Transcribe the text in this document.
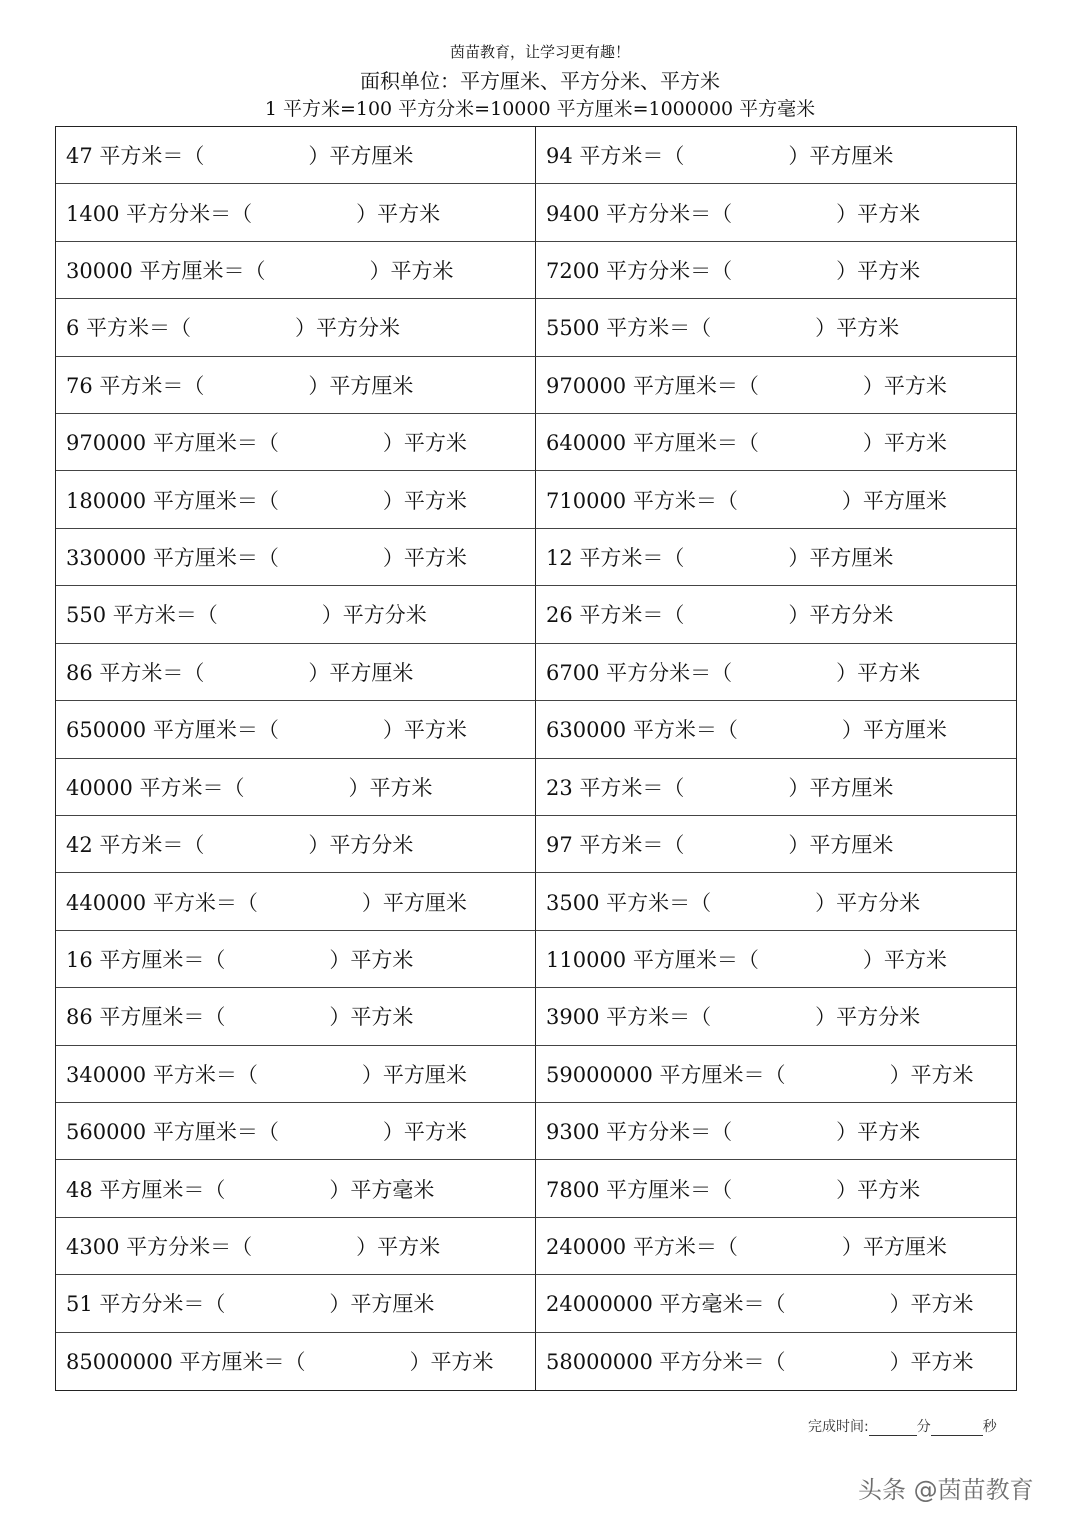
茵苗教育，让学习更有趣！
面积单位：平方厘米、平方分米、平方米
1 平方米=100 平方分米=10000 平方厘米=1000000 平方毫米
47 平方米＝（	）平方厘米	94 平方米＝（	）平方厘米
1400 平方分米＝（	）平方米	9400 平方分米＝（	）平方米
30000 平方厘米＝（	）平方米	7200 平方分米＝（	）平方米
6 平方米＝（	）平方分米	5500 平方米＝（	）平方米
76 平方米＝（	）平方厘米	970000 平方厘米＝（	）平方米
970000 平方厘米＝（	）平方米	640000 平方厘米＝（	）平方米
180000 平方厘米＝（	）平方米	710000 平方米＝（	）平方厘米
330000 平方厘米＝（	）平方米	12 平方米＝（	）平方厘米
550 平方米＝（	）平方分米	26 平方米＝（	）平方分米
86 平方米＝（	）平方厘米	6700 平方分米＝（	）平方米
650000 平方厘米＝（	）平方米	630000 平方米＝（	）平方厘米
40000 平方米＝（	）平方米	23 平方米＝（	）平方厘米
42 平方米＝（	）平方分米	97 平方米＝（	）平方厘米
440000 平方米＝（	）平方厘米	3500 平方米＝（	）平方分米
16 平方厘米＝（	）平方米	110000 平方厘米＝（	）平方米
86 平方厘米＝（	）平方米	3900 平方米＝（	）平方分米
340000 平方米＝（	）平方厘米	59000000 平方厘米＝（	）平方米
560000 平方厘米＝（	）平方米	9300 平方分米＝（	）平方米
48 平方厘米＝（	）平方毫米	7800 平方厘米＝（	）平方米
4300 平方分米＝（	）平方米	240000 平方米＝（	）平方厘米
51 平方分米＝（	）平方厘米	24000000 平方毫米＝（	）平方米
85000000 平方厘米＝（	）平方米 58000000 平方分米＝（	）平方米
完成时间:	分	秒
头条 @茵苗教育
